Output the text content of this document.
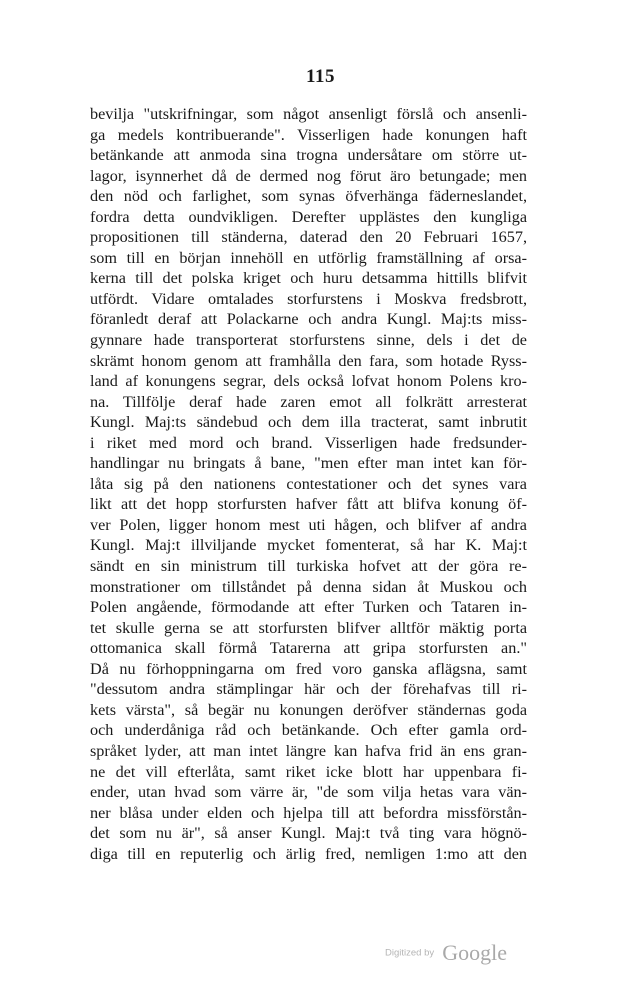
115
bevilja "utskrifningar, som något ansenligt förslå och ansenli-
ga medels kontribuerande". Visserligen hade konungen haft
betänkande att anmoda sina trogna undersåtare om större ut-
lagor, isynnerhet då de dermed nog förut äro betungade; men
den nöd och farlighet, som synas öfverhänga fäderneslandet,
fordra detta oundvikligen. Derefter upplästes den kungliga
propositionen till ständerna, daterad den 20 Februari 1657,
som till en början innehöll en utförlig framställning af orsa-
kerna till det polska kriget och huru detsamma hittills blifvit
utfördt. Vidare omtalades storfurstens i Moskva fredsbrott,
föranledt deraf att Polackarne och andra Kungl. Maj:ts miss-
gynnare hade transporterat storfurstens sinne, dels i det de
skrämt honom genom att framhålla den fara, som hotade Ryss-
land af konungens segrar, dels också lofvat honom Polens kro-
na. Tillfölje deraf hade zaren emot all folkrätt arresterat
Kungl. Maj:ts sändebud och dem illa tracterat, samt inbrutit
i riket med mord och brand. Visserligen hade fredsunder-
handlingar nu bringats å bane, "men efter man intet kan för-
låta sig på den nationens contestationer och det synes vara
likt att det hopp storfursten hafver fått att blifva konung öf-
ver Polen, ligger honom mest uti hågen, och blifver af andra
Kungl. Maj:t illviljande mycket fomenterat, så har K. Maj:t
sändt en sin ministrum till turkiska hofvet att der göra re-
monstrationer om tillståndet på denna sidan åt Muskou och
Polen angående, förmodande att efter Turken och Tataren in-
tet skulle gerna se att storfursten blifver alltför mäktig porta
ottomanica skall förmå Tatarerna att gripa storfursten an."
Då nu förhoppningarna om fred voro ganska aflägsna, samt
"dessutom andra stämplingar här och der förehafvas till ri-
kets värsta", så begär nu konungen deröfver ständernas goda
och underdåniga råd och betänkande. Och efter gamla ord-
språket lyder, att man intet längre kan hafva frid än ens gran-
ne det vill efterlåta, samt riket icke blott har uppenbara fi-
ender, utan hvad som värre är, "de som vilja hetas vara vän-
ner blåsa under elden och hjelpa till att befordra missförstån-
det som nu är", så anser Kungl. Maj:t två ting vara högnö-
diga till en reputerlig och ärlig fred, nemligen 1:mo att den
Digitized by Google
